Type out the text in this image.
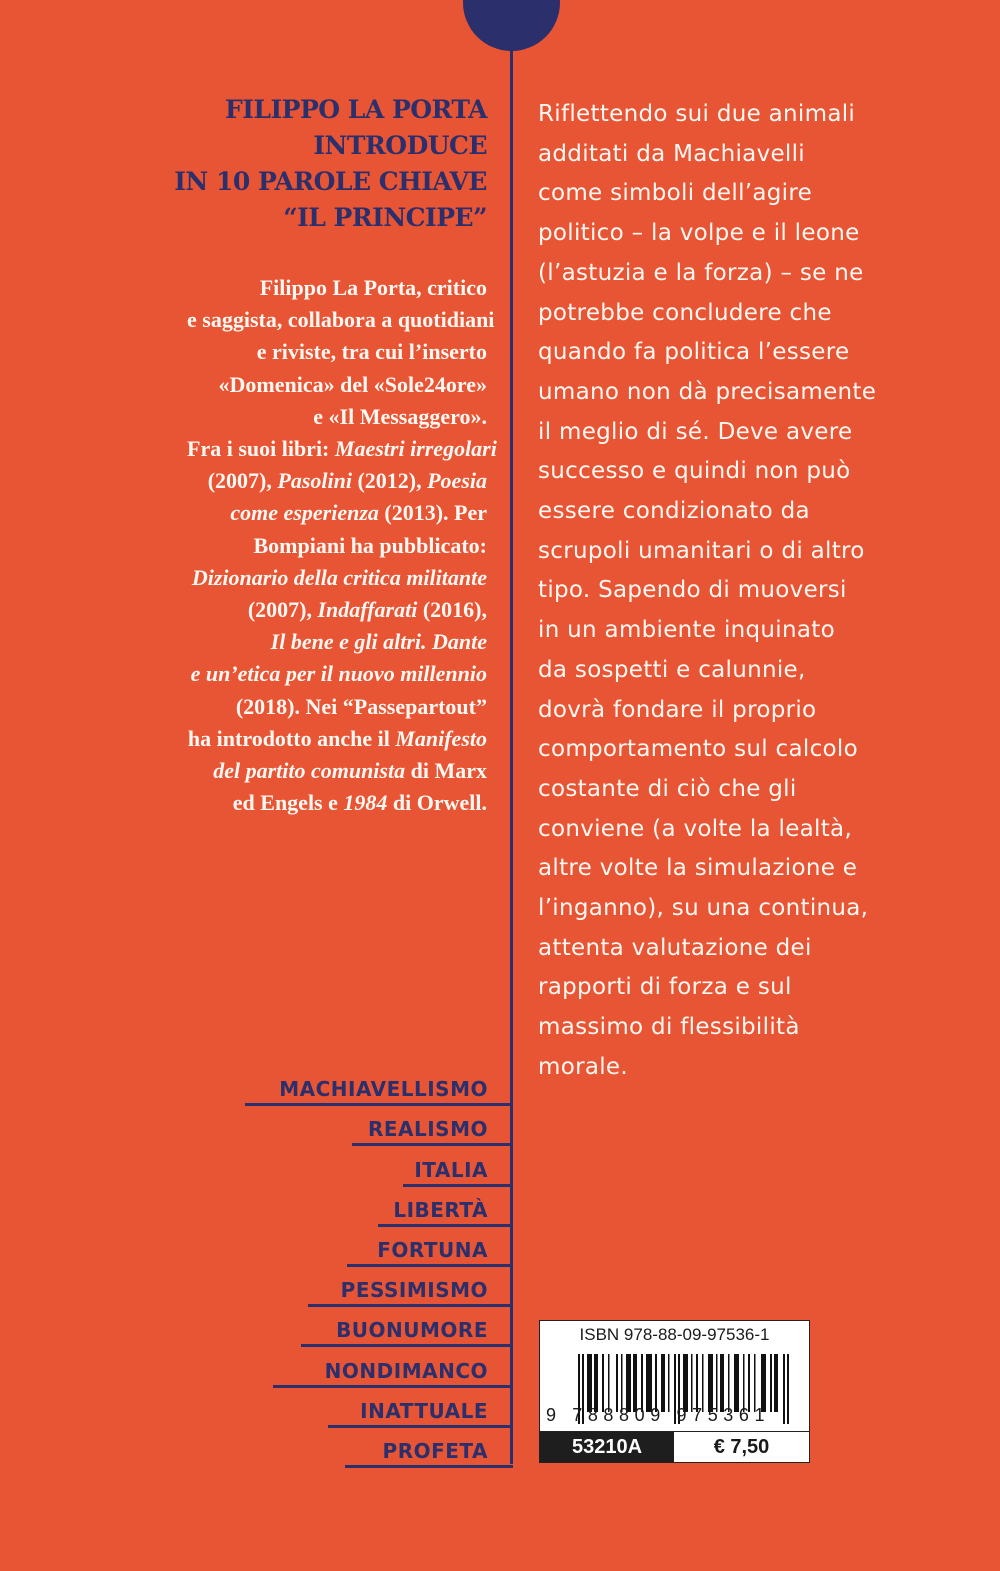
FILIPPO LA PORTA
INTRODUCE
IN 10 PAROLE CHIAVE
“IL PRINCIPE”
Filippo La Porta, critico
e saggista, collabora a quotidiani
e riviste, tra cui l’inserto
«Domenica» del «Sole24ore»
e «Il Messaggero».
Fra i suoi libri: Maestri irregolari
(2007), Pasolini (2012), Poesia
come esperienza (2013). Per
Bompiani ha pubblicato:
Dizionario della critica militante
(2007), Indaffarati (2016),
Il bene e gli altri. Dante
e un’etica per il nuovo millennio
(2018). Nei “Passepartout”
ha introdotto anche il Manifesto
del partito comunista di Marx
ed Engels e 1984 di Orwell.
MACHIAVELLISMO
REALISMO
ITALIA
LIBERTÀ
FORTUNA
PESSIMISMO
BUONUMORE
NONDIMANCO
INATTUALE
PROFETA
Riflettendo sui due animali
additati da Machiavelli
come simboli dell’agire
politico – la volpe e il leone
(l’astuzia e la forza) – se ne
potrebbe concludere che
quando fa politica l’essere
umano non dà precisamente
il meglio di sé. Deve avere
successo e quindi non può
essere condizionato da
scrupoli umanitari o di altro
tipo. Sapendo di muoversi
in un ambiente inquinato
da sospetti e calunnie,
dovrà fondare il proprio
comportamento sul calcolo
costante di ciò che gli
conviene (a volte la lealtà,
altre volte la simulazione e
l’inganno), su una continua,
attenta valutazione dei
rapporti di forza e sul
massimo di flessibilità
morale.
ISBN 978-88-09-97536-1
9 788809 975361
53210A	€ 7,50
